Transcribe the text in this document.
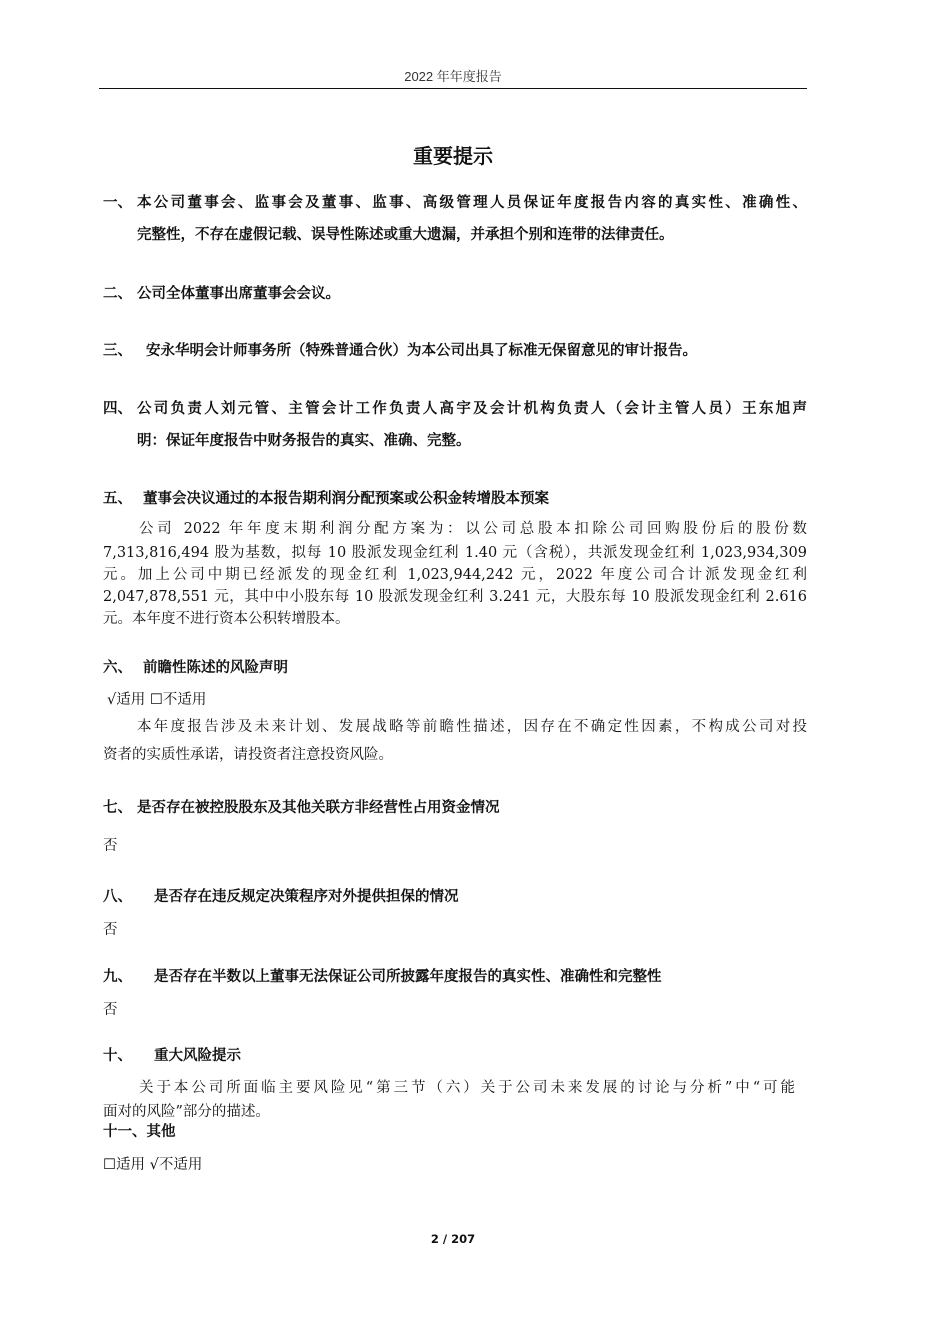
2022 年年度报告
重要提示
一、 本公司董事会、监事会及董事、监事、高级管理人员保证年度报告内容的真实性、准确性、
完整性，不存在虚假记载、误导性陈述或重大遗漏，并承担个别和连带的法律责任。
二、 公司全体董事出席董事会会议。
三、 安永华明会计师事务所（特殊普通合伙）为本公司出具了标准无保留意见的审计报告。
四、 公司负责人刘元管、主管会计工作负责人高宇及会计机构负责人（会计主管人员）王东旭声
明：保证年度报告中财务报告的真实、准确、完整。
五、 董事会决议通过的本报告期利润分配预案或公积金转增股本预案
公司 2022 年年度末期利润分配方案为：以公司总股本扣除公司回购股份后的股份数
7,313,816,494 股为基数，拟每 10 股派发现金红利 1.40 元（含税），共派发现金红利 1,023,934,309
元。加上公司中期已经派发的现金红利 1,023,944,242 元，2022 年度公司合计派发现金红利
2,047,878,551 元，其中中小股东每 10 股派发现金红利 3.241 元，大股东每 10 股派发现金红利 2.616
元。本年度不进行资本公积转增股本。
六、 前瞻性陈述的风险声明
√适用 ☐不适用
本年度报告涉及未来计划、发展战略等前瞻性描述，因存在不确定性因素，不构成公司对投
资者的实质性承诺，请投资者注意投资风险。
七、 是否存在被控股股东及其他关联方非经营性占用资金情况
否
八、 是否存在违反规定决策程序对外提供担保的情况
否
九、 是否存在半数以上董事无法保证公司所披露年度报告的真实性、准确性和完整性
否
十、 重大风险提示
关于本公司所面临主要风险见“第三节（六）关于公司未来发展的讨论与分析”中“可能
面对的风险”部分的描述。
十一、其他
☐适用 √不适用
2 / 207
